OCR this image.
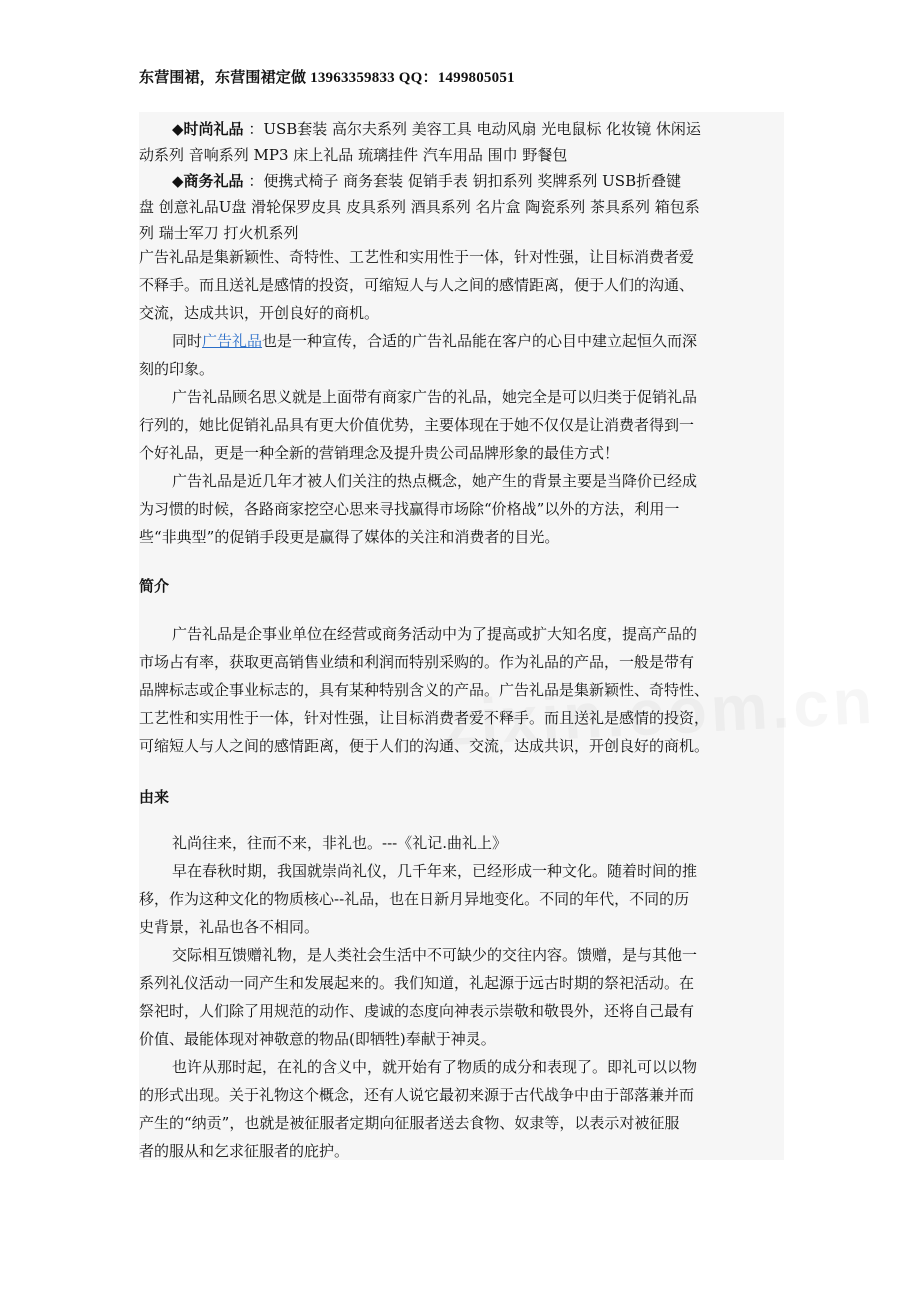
东营围裙，东营围裙定做 13963359833 QQ：1499805051
◆时尚礼品 ：USB套装 高尔夫系列 美容工具 电动风扇 光电鼠标 化妆镜 休闲运
动系列 音响系列 MP3 床上礼品 琉璃挂件 汽车用品 围巾 野餐包
◆商务礼品 ：便携式椅子 商务套装 促销手表 钥扣系列 奖牌系列 USB折叠键
盘 创意礼品U盘 滑轮保罗皮具 皮具系列 酒具系列 名片盒 陶瓷系列 茶具系列 箱包系
列 瑞士军刀 打火机系列
广告礼品是集新颖性、奇特性、工艺性和实用性于一体，针对性强，让目标消费者爱
不释手。而且送礼是感情的投资，可缩短人与人之间的感情距离，便于人们的沟通、
交流，达成共识，开创良好的商机。
同时广告礼品也是一种宣传，合适的广告礼品能在客户的心目中建立起恒久而深
刻的印象。
广告礼品顾名思义就是上面带有商家广告的礼品，她完全是可以归类于促销礼品
行列的，她比促销礼品具有更大价值优势，主要体现在于她不仅仅是让消费者得到一
个好礼品，更是一种全新的营销理念及提升贵公司品牌形象的最佳方式！
广告礼品是近几年才被人们关注的热点概念，她产生的背景主要是当降价已经成
为习惯的时候，各路商家挖空心思来寻找赢得市场除“价格战”以外的方法，利用一
些“非典型”的促销手段更是赢得了媒体的关注和消费者的目光。
简介
广告礼品是企事业单位在经营或商务活动中为了提高或扩大知名度，提高产品的
市场占有率，获取更高销售业绩和利润而特别采购的。作为礼品的产品，一般是带有
品牌标志或企事业标志的，具有某种特别含义的产品。广告礼品是集新颖性、奇特性、
工艺性和实用性于一体，针对性强，让目标消费者爱不释手。而且送礼是感情的投资，
可缩短人与人之间的感情距离，便于人们的沟通、交流，达成共识，开创良好的商机。
由来
礼尚往来，往而不来，非礼也。---《礼记.曲礼上》
早在春秋时期，我国就崇尚礼仪，几千年来，已经形成一种文化。随着时间的推
移，作为这种文化的物质核心--礼品，也在日新月异地变化。不同的年代，不同的历
史背景，礼品也各不相同。
交际相互馈赠礼物，是人类社会生活中不可缺少的交往内容。馈赠，是与其他一
系列礼仪活动一同产生和发展起来的。我们知道，礼起源于远古时期的祭祀活动。在
祭祀时，人们除了用规范的动作、虔诚的态度向神表示崇敬和敬畏外，还将自己最有
价值、最能体现对神敬意的物品(即牺牲)奉献于神灵。
也许从那时起，在礼的含义中，就开始有了物质的成分和表现了。即礼可以以物
的形式出现。关于礼物这个概念，还有人说它最初来源于古代战争中由于部落兼并而
产生的“纳贡”，也就是被征服者定期向征服者送去食物、奴隶等，以表示对被征服
者的服从和乞求征服者的庇护。
